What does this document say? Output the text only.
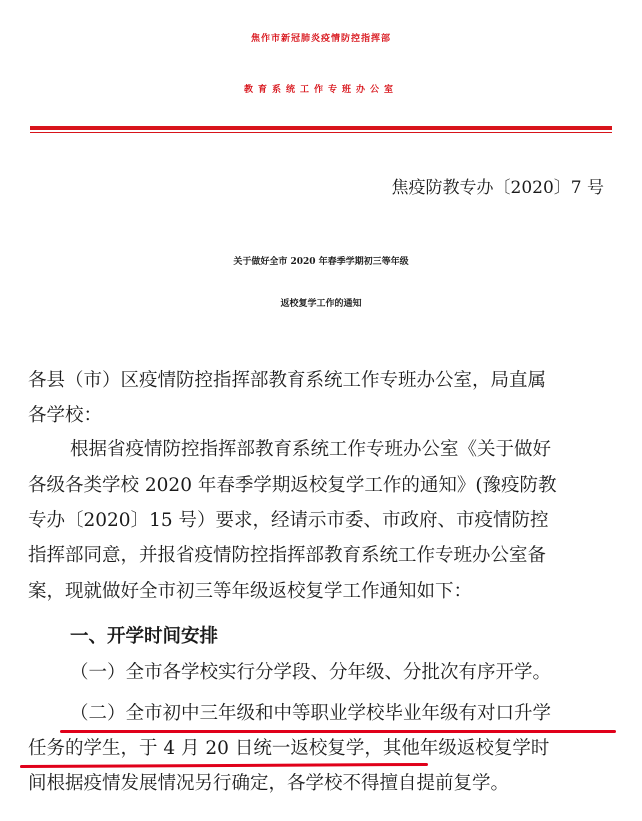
焦作市新冠肺炎疫情防控指挥部
教育系统工作专班办公室
焦疫防教专办〔2020〕7 号
关于做好全市 2020 年春季学期初三等年级
返校复学工作的通知
各县（市）区疫情防控指挥部教育系统工作专班办公室，局直属
各学校：
根据省疫情防控指挥部教育系统工作专班办公室《关于做好
各级各类学校 2020 年春季学期返校复学工作的通知》(豫疫防教
专办〔2020〕15 号）要求，经请示市委、市政府、市疫情防控
指挥部同意，并报省疫情防控指挥部教育系统工作专班办公室备
案，现就做好全市初三等年级返校复学工作通知如下：
一、开学时间安排
（一）全市各学校实行分学段、分年级、分批次有序开学。
（二）全市初中三年级和中等职业学校毕业年级有对口升学
任务的学生，于 4 月 20 日统一返校复学，其他年级返校复学时
间根据疫情发展情况另行确定，各学校不得擅自提前复学。
